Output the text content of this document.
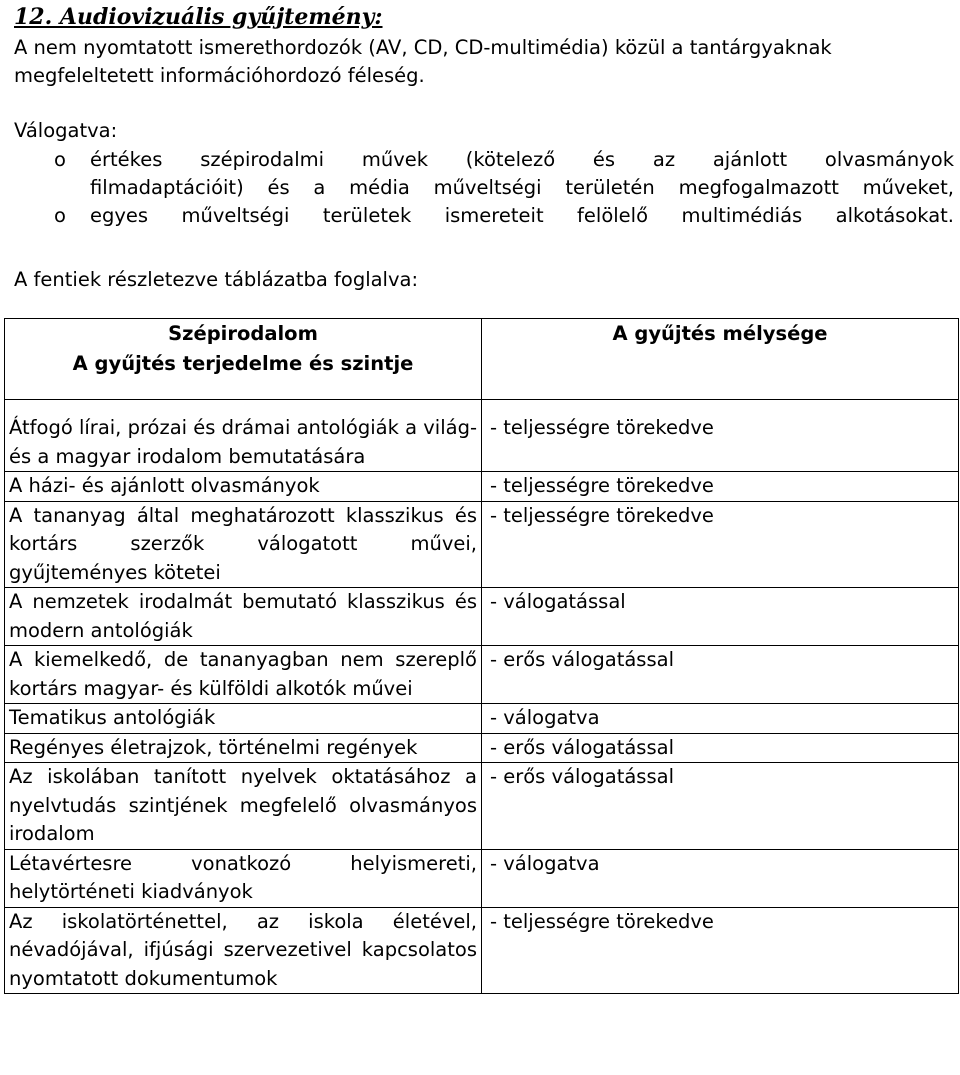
12. Audiovizuális gyűjtemény:

A nem nyomtatott ismerethordozók (AV, CD, CD-multimédia) közül a tantárgyaknak

megfeleltetett információhordozó féleség.

Válogatva:
o értékes szépirodalmi művek (kötelező és az ajánlott olvasmányok
filmadaptációit) és a média műveltségi területén megfogalmazott műveket,
o egyes műveltségi területek ismereteit felölelő multimédiás alkotásokat.
A fentiek részletezve táblázatba foglalva:
Szépirodalom
A gyűjtés terjedelme és szintje	A gyűjtés mélysége

Átfogó lírai, prózai és drámai antológiák a világ- és a magyar irodalom bemutatására	- teljességre törekedve
A házi- és ajánlott olvasmányok	- teljességre törekedve
A tananyag által meghatározott klasszikus és kortárs szerzők válogatott művei, gyűjteményes kötetei	- teljességre törekedve
A nemzetek irodalmát bemutató klasszikus és modern antológiák	- válogatással
A kiemelkedő, de tananyagban nem szereplő kortárs magyar- és külföldi alkotók művei	- erős válogatással
Tematikus antológiák	- válogatva
Regényes életrajzok, történelmi regények	- erős válogatással
Az iskolában tanított nyelvek oktatásához a nyelvtudás szintjének megfelelő olvasmányos irodalom	- erős válogatással
Létavértesre vonatkozó helyismereti, helytörténeti kiadványok	- válogatva
Az iskolatörténettel, az iskola életével, névadójával, ifjúsági szervezetivel kapcsolatos nyomtatott dokumentumok	- teljességre törekedve
